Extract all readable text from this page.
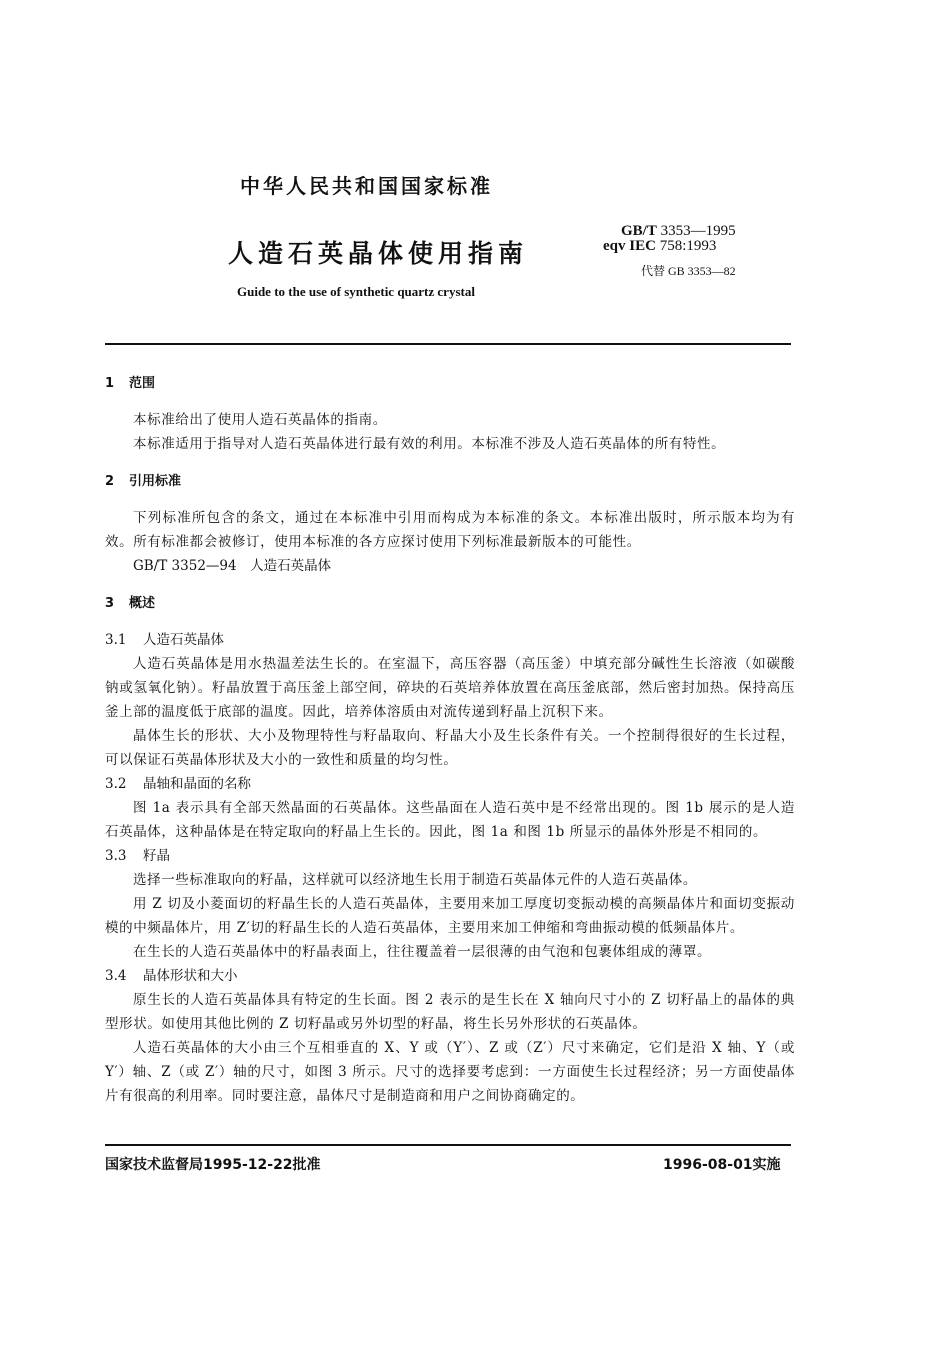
中华人民共和国国家标准
人造石英晶体使用指南
Guide to the use of synthetic quartz crystal
GB/T 3353—1995
eqv IEC 758:1993
代替 GB 3353—82
1 范围

本标准给出了使用人造石英晶体的指南。

本标准适用于指导对人造石英晶体进行最有效的利用。本标准不涉及人造石英晶体的所有特性。

2 引用标准

下列标准所包含的条文，通过在本标准中引用而构成为本标准的条文。本标准出版时，所示版本均为有效。所有标准都会被修订，使用本标准的各方应探讨使用下列标准最新版本的可能性。

GB/T 3352—94　人造石英晶体

3 概述
3.1 人造石英晶体

人造石英晶体是用水热温差法生长的。在室温下，高压容器（高压釜）中填充部分碱性生长溶液（如碳酸钠或氢氧化钠）。籽晶放置于高压釜上部空间，碎块的石英培养体放置在高压釜底部，然后密封加热。保持高压釜上部的温度低于底部的温度。因此，培养体溶质由对流传递到籽晶上沉积下来。

晶体生长的形状、大小及物理特性与籽晶取向、籽晶大小及生长条件有关。一个控制得很好的生长过程，可以保证石英晶体形状及大小的一致性和质量的均匀性。

3.2 晶轴和晶面的名称

图 1a 表示具有全部天然晶面的石英晶体。这些晶面在人造石英中是不经常出现的。图 1b 展示的是人造石英晶体，这种晶体是在特定取向的籽晶上生长的。因此，图 1a 和图 1b 所显示的晶体外形是不相同的。

3.3 籽晶

选择一些标准取向的籽晶，这样就可以经济地生长用于制造石英晶体元件的人造石英晶体。

用 Z 切及小菱面切的籽晶生长的人造石英晶体，主要用来加工厚度切变振动模的高频晶体片和面切变振动模的中频晶体片，用 Z′切的籽晶生长的人造石英晶体，主要用来加工伸缩和弯曲振动模的低频晶体片。

在生长的人造石英晶体中的籽晶表面上，往往覆盖着一层很薄的由气泡和包裹体组成的薄罩。

3.4 晶体形状和大小

原生长的人造石英晶体具有特定的生长面。图 2 表示的是生长在 X 轴向尺寸小的 Z 切籽晶上的晶体的典型形状。如使用其他比例的 Z 切籽晶或另外切型的籽晶，将生长另外形状的石英晶体。

人造石英晶体的大小由三个互相垂直的 X、Y 或（Y′）、Z 或（Z′）尺寸来确定，它们是沿 X 轴、Y（或 Y′）轴、Z（或 Z′）轴的尺寸，如图 3 所示。尺寸的选择要考虑到：一方面使生长过程经济；另一方面使晶体片有很高的利用率。同时要注意，晶体尺寸是制造商和用户之间协商确定的。

国家技术监督局1995-12-22批准	1996-08-01实施
